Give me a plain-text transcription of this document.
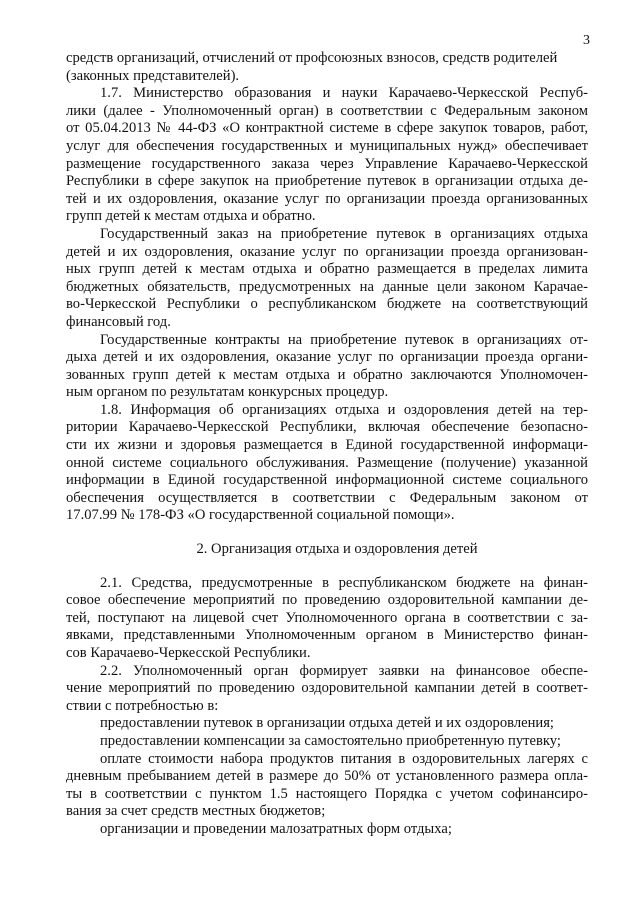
3
средств организаций, отчислений от профсоюзных взносов, средств родителей
(законных представителей).
1.7. Министерство образования и науки Карачаево-Черкесской Респуб-
лики (далее - Уполномоченный орган) в соответствии с Федеральным законом
от 05.04.2013 № 44-ФЗ «О контрактной системе в сфере закупок товаров, работ,
услуг для обеспечения государственных и муниципальных нужд» обеспечивает
размещение государственного заказа через Управление Карачаево-Черкесской
Республики в сфере закупок на приобретение путевок в организации отдыха де-
тей и их оздоровления, оказание услуг по организации проезда организованных
групп детей к местам отдыха и обратно.
Государственный заказ на приобретение путевок в организациях отдыха
детей и их оздоровления, оказание услуг по организации проезда организован-
ных групп детей к местам отдыха и обратно размещается в пределах лимита
бюджетных обязательств, предусмотренных на данные цели законом Карачае-
во-Черкесской Республики о республиканском бюджете на соответствующий
финансовый год.
Государственные контракты на приобретение путевок в организациях от-
дыха детей и их оздоровления, оказание услуг по организации проезда органи-
зованных групп детей к местам отдыха и обратно заключаются Уполномочен-
ным органом по результатам конкурсных процедур.
1.8. Информация об организациях отдыха и оздоровления детей на тер-
ритории Карачаево-Черкесской Республики, включая обеспечение безопасно-
сти их жизни и здоровья размещается в Единой государственной информаци-
онной системе социального обслуживания. Размещение (получение) указанной
информации в Единой государственной информационной системе социального
обеспечения осуществляется в соответствии с Федеральным законом от
17.07.99 № 178-ФЗ «О государственной социальной помощи».
2. Организация отдыха и оздоровления детей
2.1. Средства, предусмотренные в республиканском бюджете на финан-
совое обеспечение мероприятий по проведению оздоровительной кампании де-
тей, поступают на лицевой счет Уполномоченного органа в соответствии с за-
явками, представленными Уполномоченным органом в Министерство финан-
сов Карачаево-Черкесской Республики.
2.2. Уполномоченный орган формирует заявки на финансовое обеспе-
чение мероприятий по проведению оздоровительной кампании детей в соответ-
ствии с потребностью в:
предоставлении путевок в организации отдыха детей и их оздоровления;
предоставлении компенсации за самостоятельно приобретенную путевку;
оплате стоимости набора продуктов питания в оздоровительных лагерях с
дневным пребыванием детей в размере до 50% от установленного размера опла-
ты в соответствии с пунктом 1.5 настоящего Порядка с учетом софинансиро-
вания за счет средств местных бюджетов;
организации и проведении малозатратных форм отдыха;
